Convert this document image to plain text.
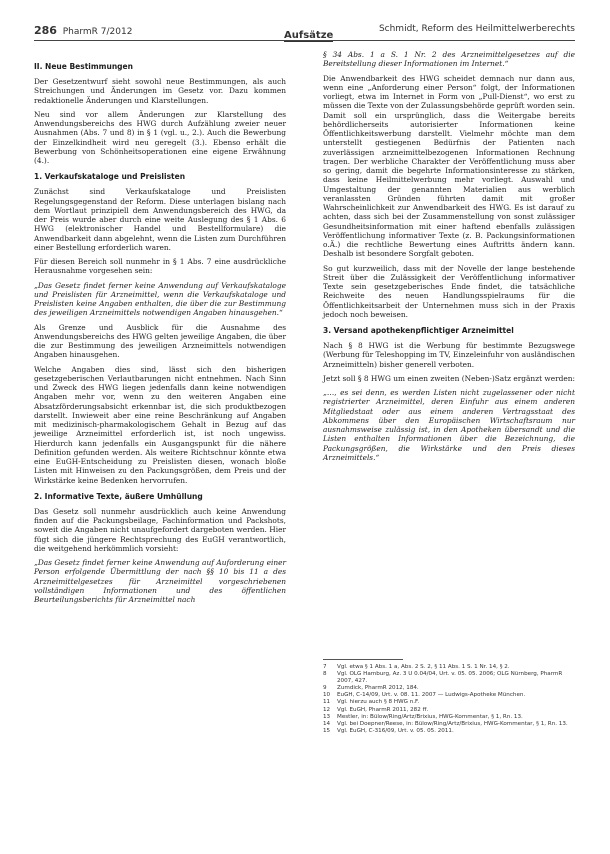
286 PharmR 7/2012	Aufsätze
Schmidt, Reform des Heilmittelwerberechts
II. Neue Bestimmungen

Der Gesetzentwurf sieht sowohl neue Bestimmungen, als auch Streichungen und Änderungen im Gesetz vor. Dazu kommen redaktionelle Änderungen und Klarstellungen.

Neu sind vor allem Änderungen zur Klarstellung des Anwendungsbereichs des HWG durch Aufzählung zweier neuer Ausnahmen (Abs. 7 und 8) in § 1 (vgl. u., 2.). Auch die Bewerbung der Einzelkindheit wird neu geregelt (3.). Ebenso erhält die Bewerbung von Schönheitsoperationen eine eigene Erwähnung (4.).

1. Verkaufskataloge und Preislisten

Zunächst sind Verkaufskataloge und Preislisten Regelungsgegenstand der Reform. Diese unterlagen bislang nach dem Wortlaut prinzipiell dem Anwendungsbereich des HWG, da der Preis wurde aber durch eine weite Auslegung des § 1 Abs. 6 HWG (elektronischer Handel und Bestellformulare) die Anwendbarkeit dann abgelehnt, wenn die Listen zum Durchführen einer Bestellung erforderlich waren.

Für diesen Bereich soll nunmehr in § 1 Abs. 7 eine ausdrückliche Herausnahme vorgesehen sein:

„Das Gesetz findet ferner keine Anwendung auf Verkaufskataloge und Preislisten für Arzneimittel, wenn die Verkaufskataloge und Preislisten keine Angaben enthalten, die über die zur Bestimmung des jeweiligen Arzneimittels notwendigen Angaben hinausgehen.“

Als Grenze und Ausblick für die Ausnahme des Anwendungsbereichs des HWG gelten jeweilige Angaben, die über die zur Bestimmung des jeweiligen Arzneimittels notwendigen Angaben hinausgehen.

Welche Angaben dies sind, lässt sich den bisherigen gesetzgeberischen Verlautbarungen nicht entnehmen. Nach Sinn und Zweck des HWG liegen jedenfalls dann keine notwendigen Angaben mehr vor, wenn zu den weiteren Angaben eine Absatzförderungsabsicht erkennbar ist, die sich produktbezogen darstellt. Inwieweit aber eine reine Beschränkung auf Angaben mit medizinisch-pharmakologischem Gehalt in Bezug auf das jeweilige Arzneimittel erforderlich ist, ist noch ungewiss. Hierdurch kann jedenfalls ein Ausgangspunkt für die nähere Definition gefunden werden. Als weitere Richtschnur könnte etwa eine EuGH-Entscheidung zu Preislisten diesen, wonach bloße Listen mit Hinweisen zu den Packungsgrößen, dem Preis und der Wirkstärke keine Bedenken hervorrufen.

2. Informative Texte, äußere Umhüllung

Das Gesetz soll nunmehr ausdrücklich auch keine Anwendung finden auf die Packungsbeilage, Fachinformation und Packshots, soweit die Angaben nicht unaufgefordert dargeboten werden. Hier fügt sich die jüngere Rechtsprechung des EuGH verantwortlich, die weitgehend herkömmlich vorsieht:

„Das Gesetz findet ferner keine Anwendung auf Auforderung einer Person erfolgende Übermittlung der nach §§ 10 bis 11 a des Arzneimittelgesetzes für Arzneimittel vorgeschriebenen vollständigen Informationen und des öffentlichen Beurteilungsberichts für Arzneimittel nach

§ 34 Abs. 1 a S. 1 Nr. 2 des Arzneimittelgesetzes auf die Bereitstellung dieser Informationen im Internet.“

Die Anwendbarkeit des HWG scheidet demnach nur dann aus, wenn eine „Anforderung einer Person“ folgt, der Informationen vorliegt, etwa im Internet in Form von „Pull-Dienst“, wo erst zu müssen die Texte von der Zulassungsbehörde geprüft worden sein. Damit soll ein ursprünglich, dass die Weitergabe bereits behördlicherseits autorisierter Informationen keine Öffentlichkeitswerbung darstellt. Vielmehr möchte man dem unterstellt gestiegenen Bedürfnis der Patienten nach zuverlässigen arzneimittelbezogenen Informationen Rechnung tragen. Der werbliche Charakter der Veröffentlichung muss aber so gering, damit die begehrte Informationsinteresse zu stärken, dass keine Heilmittelwerbung mehr vorliegt. Auswahl und Umgestaltung der genannten Materialien aus werblich veranlassten Gründen führten damit mit großer Wahrscheinlichkeit zur Anwendbarkeit des HWG. Es ist darauf zu achten, dass sich bei der Zusammenstellung von sonst zulässiger Gesundheitsinformation mit einer haftend ebenfalls zulässigen Veröffentlichung informativer Texte (z. B. Packungsinformationen o.Ä.) die rechtliche Bewertung eines Auftritts ändern kann. Deshalb ist besondere Sorgfalt geboten.

So gut kurzweilich, dass mit der Novelle der lange bestehende Streit über die Zulässigkeit der Veröffentlichung informativer Texte sein gesetzgeberisches Ende findet, die tatsächliche Reichweite des neuen Handlungsspielraums für die Öffentlichkeitsarbeit der Unternehmen muss sich in der Praxis jedoch noch beweisen.

3. Versand apothekenpflichtiger Arzneimittel

Nach § 8 HWG ist die Werbung für bestimmte Bezugswege (Werbung für Teleshopping im TV, Einzeleinfuhr von ausländischen Arzneimitteln) bisher generell verboten.

Jetzt soll § 8 HWG um einen zweiten (Neben-)Satz ergänzt werden:

„…, es sei denn, es werden Listen nicht zugelassener oder nicht registrierter Arzneimittel, deren Einfuhr aus einem anderen Mitgliedstaat oder aus einem anderen Vertragsstaat des Abkommens über den Europäischen Wirtschaftsraum nur ausnahmsweise zulässig ist, in den Apotheken übersandt und die Listen enthalten Informationen über die Bezeichnung, die Packungsgrößen, die Wirkstärke und den Preis dieses Arzneimittels.“

7	Vgl. etwa § 1 Abs. 1 a, Abs. 2 S. 2, § 11 Abs. 1 S. 1 Nr. 14, § 2.
8	Vgl. OLG Hamburg, Az. 3 U 0.04/04, Urt. v. 05. 05. 2006; OLG Nürnberg, PharmR 2007, 427.
9	Zumdick, PharmR 2012, 184.
10	EuGH, C-14/09, Urt. v. 08. 11. 2007 — Ludwigs-Apotheke München.
11	Vgl. hierzu auch § 8 HWG n.F.
12	Vgl. EuGH, PharmR 2011, 282 ff.
13	Mestler, in: Bülow/Ring/Artz/Brixius, HWG-Kommentar, § 1, Rn. 13.
14	Vgl. bei Doepner/Reese, in: Bülow/Ring/Artz/Brixius, HWG-Kommentar, § 1, Rn. 13.
15	Vgl. EuGH, C-316/09, Urt. v. 05. 05. 2011.
